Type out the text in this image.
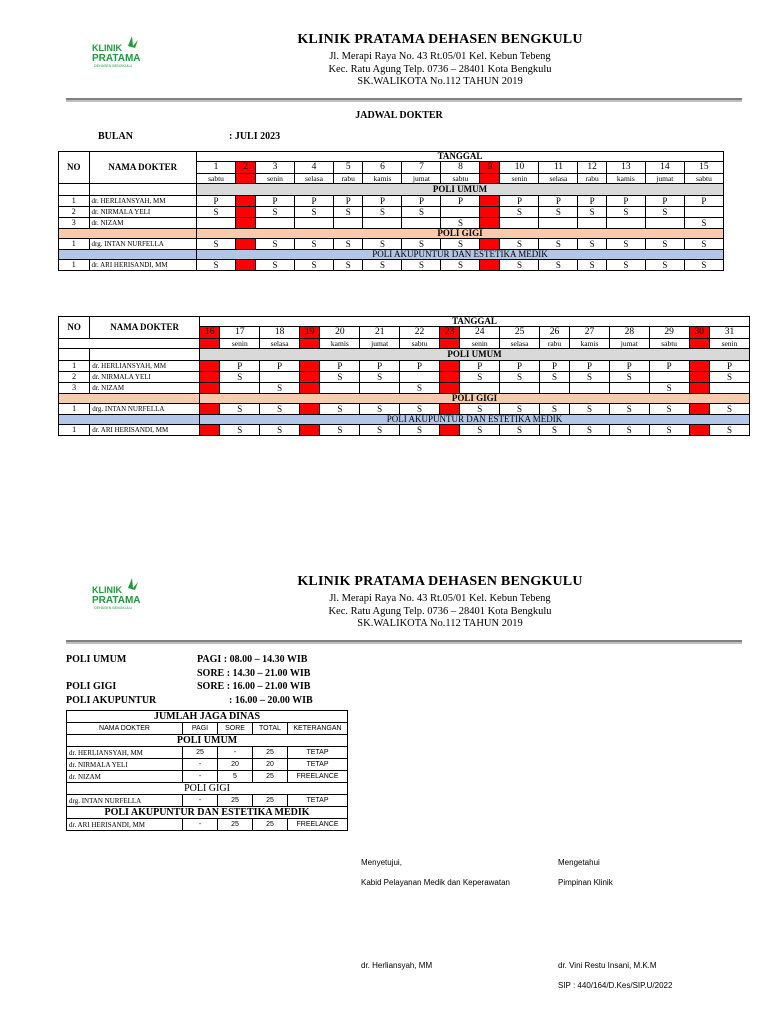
KLINIK
PRATAMA
DEHASEN BENGKULU
KLINIK PRATAMA DEHASEN BENGKULU
Jl. Merapi Raya No. 43 Rt.05/01 Kel. Kebun Tebeng
Kec. Ratu Agung Telp. 0736 – 28401 Kota Bengkulu
SK.WALIKOTA No.112 TAHUN 2019
JADWAL DOKTER
BULAN	: JULI 2023
NO	NAMA DOKTER	TANGGAL														
		1	2	3	4	5	6	7	8	9	10	11	12	13	14	15
		sabtu		senin	selasa	rabu	kamis	jumat	sabtu		senin	selasa	rabu	kamis	jumat	sabtu
		POLI UMUM														
1	dr. HERLIANSYAH, MM	P		P	P	P	P	P	P		P	P	P	P	P	P
2	dr. NIRMALA YELI	S		S	S	S	S	S			S	S	S	S	S	
3	dr. NIZAM								S							S
		POLI GIGI														
1	drg. INTAN NURFELLA	S		S	S	S	S	S	S		S	S	S	S	S	S
		POLI AKUPUNTUR DAN ESTETIKA MEDIK														
1	dr. ARI HERISANDI, MM	S		S	S	S	S	S	S		S	S	S	S	S	S
NO	NAMA DOKTER	TANGGAL															
		16	17	18	19	20	21	22	23	24	25	26	27	28	29	30	31
			senin	selasa		kamis	jumat	sabtu		senin	selasa	rabu	kamis	jumat	sabtu		senin
		POLI UMUM															
1	dr. HERLIANSYAH, MM		P	P		P	P	P		P	P	P	P	P	P		P
2	dr. NIRMALA YELI		S			S	S			S	S	S	S	S			S
3	dr. NIZAM			S				S							S		
		POLI GIGI															
1	drg. INTAN NURFELLA		S	S		S	S	S		S	S	S	S	S	S		S
		POLI AKUPUNTUR DAN ESTETIKA MEDIK															
1	dr. ARI HERISANDI, MM		S	S		S	S	S		S	S	S	S	S	S		S
KLINIK
PRATAMA
DEHASEN BENGKULU
KLINIK PRATAMA DEHASEN BENGKULU
Jl. Merapi Raya No. 43 Rt.05/01 Kel. Kebun Tebeng
Kec. Ratu Agung Telp. 0736 – 28401 Kota Bengkulu
SK.WALIKOTA No.112 TAHUN 2019
POLI UMUM	PAGI : 08.00 – 14.30 WIB
SORE : 14.30 – 21.00 WIB
POLI GIGI	SORE : 16.00 – 21.00 WIB
POLI AKUPUNTUR	: 16.00 – 20.00 WIB
JUMLAH JAGA DINAS				
NAMA DOKTER	PAGI	SORE	TOTAL	KETERANGAN
POLI UMUM				
dr. HERLIANSYAH, MM	25	-	25	TETAP
dr. NIRMALA YELI	-	20	20	TETAP
dr. NIZAM	-	5	25	FREELANCE
POLI GIGI				
drg. INTAN NURFELLA	-	25	25	TETAP
POLI AKUPUNTUR DAN ESTETIKA MEDIK				
dr. ARI HERISANDI, MM	-	25	25	FREELANCE
Menyetujui,
Kabid Pelayanan Medik dan Keperawatan
dr. Herliansyah, MM
Mengetahui
Pimpinan Klinik
dr. Vini Restu Insani, M.K.M
SIP : 440/164/D.Kes/SIP.U/2022
